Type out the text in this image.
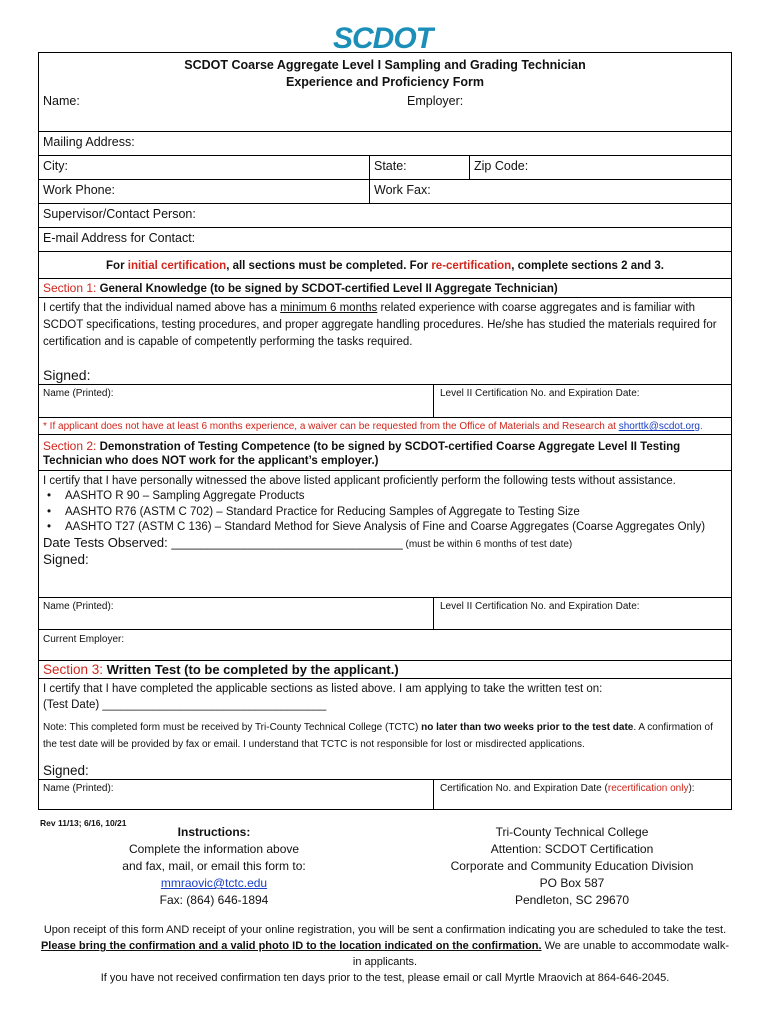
SCDOT
SCDOT Coarse Aggregate Level I Sampling and Grading Technician
Experience and Proficiency Form
Name:	Employer:
Mailing Address:
City:	State:	Zip Code:
Work Phone:	Work Fax:
Supervisor/Contact Person:
E-mail Address for Contact:
For initial certification, all sections must be completed. For re-certification, complete sections 2 and 3.
Section 1: General Knowledge (to be signed by SCDOT-certified Level II Aggregate Technician)
I certify that the individual named above has a minimum 6 months related experience with coarse aggregates and is familiar with SCDOT specifications, testing procedures, and proper aggregate handling procedures. He/she has studied the materials required for certification and is capable of competently performing the tasks required.
Signed:
Name (Printed):	Level II Certification No. and Expiration Date:
* If applicant does not have at least 6 months experience, a waiver can be requested from the Office of Materials and Research at shorttk@scdot.org.
Section 2: Demonstration of Testing Competence (to be signed by SCDOT-certified Coarse Aggregate Level II Testing Technician who does NOT work for the applicant’s employer.)
I certify that I have personally witnessed the above listed applicant proficiently perform the following tests without assistance.
• AASHTO R 90 – Sampling Aggregate Products
• AASHTO R76 (ASTM C 702) – Standard Practice for Reducing Samples of Aggregate to Testing Size
• AASHTO T27 (ASTM C 136) – Standard Method for Sieve Analysis of Fine and Coarse Aggregates (Coarse Aggregates Only)
Date Tests Observed: ________________________________ (must be within 6 months of test date)
Signed:
Name (Printed):	Level II Certification No. and Expiration Date:
Current Employer:
Section 3: Written Test (to be completed by the applicant.)
I certify that I have completed the applicable sections as listed above. I am applying to take the written test on:
(Test Date) ___________________________________
Note: This completed form must be received by Tri-County Technical College (TCTC) no later than two weeks prior to the test date. A confirmation of the test date will be provided by fax or email. I understand that TCTC is not responsible for lost or misdirected applications.
Signed:
Name (Printed):	Certification No. and Expiration Date (recertification only):
Rev 11/13; 6/16, 10/21
Instructions:
Complete the information above
and fax, mail, or email this form to:
mmraovic@tctc.edu
Fax: (864) 646-1894
Tri-County Technical College
Attention: SCDOT Certification
Corporate and Community Education Division
PO Box 587
Pendleton, SC 29670
Upon receipt of this form AND receipt of your online registration, you will be sent a confirmation indicating you are scheduled to take the test. Please bring the confirmation and a valid photo ID to the location indicated on the confirmation. We are unable to accommodate walk-in applicants.
If you have not received confirmation ten days prior to the test, please email or call Myrtle Mraovich at 864-646-2045.
